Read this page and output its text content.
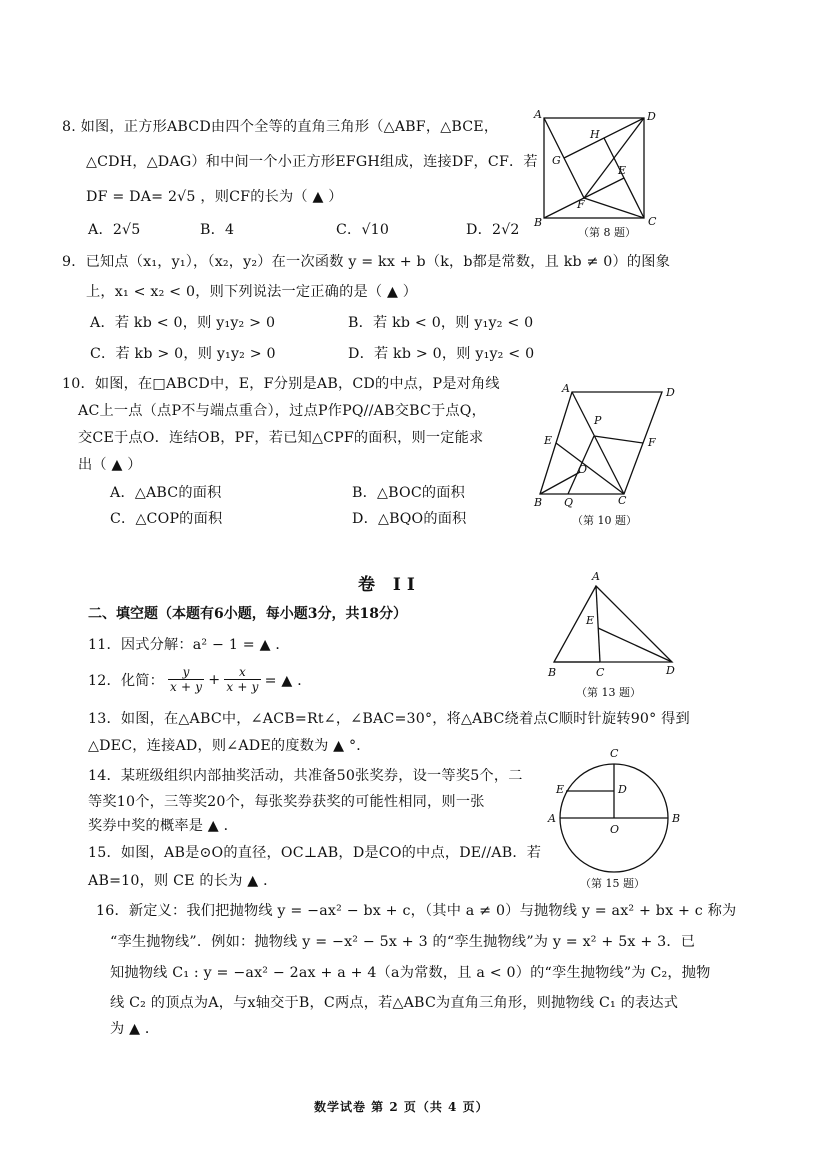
8. 如图，正方形ABCD由四个全等的直角三角形（△ABF，△BCE，
△CDH，△DAG）和中间一个小正方形EFGH组成，连接DF，CF．若
DF = DA= 2√5 ，则CF的长为（ ▲ ）
A．2√5	B．4	C．√10	D．2√2
A	D
H
G
E
F
B	C
（第 8 题）
9．已知点（x₁，y₁），（x₂，y₂）在一次函数 y = kx + b（k，b都是常数，且 kb ≠ 0）的图象
上，x₁ < x₂ < 0，则下列说法一定正确的是（ ▲ ）
A．若 kb < 0，则 y₁y₂ > 0	B．若 kb < 0，则 y₁y₂ < 0
C．若 kb > 0，则 y₁y₂ > 0	D．若 kb > 0，则 y₁y₂ < 0
10．如图，在□ABCD中，E，F分别是AB，CD的中点，P是对角线
AC上一点（点P不与端点重合），过点P作PQ//AB交BC于点Q，
交CE于点O．连结OB，PF，若已知△CPF的面积，则一定能求
出（ ▲ ）
A．△ABC的面积	B．△BOC的面积
C．△COP的面积	D．△BQO的面积
A	D
P
E	F
O
B Q	C
（第 10 题）
卷 II
二、填空题（本题有6小题，每小题3分，共18分）
11．因式分解：a² − 1 = ▲ ．
12．化简：
y
$x + y + \frac{x}{x + y}$ = ▲ ．
A
E
B	C	D
（第 13 题）
13．如图，在△ABC中，∠ACB=Rt∠，∠BAC=30°，将△ABC绕着点C顺时针旋转90° 得到
△DEC，连接AD，则∠ADE的度数为 ▲ °．
14．某班级组织内部抽奖活动，共准备50张奖券，设一等奖5个，二
等奖10个，三等奖20个，每张奖券获奖的可能性相同，则一张
奖券中奖的概率是 ▲ ．
15．如图，AB是⊙O的直径，OC⊥AB，D是CO的中点，DE//AB．若
AB=10，则 CE 的长为 ▲ ．
C
E	D
A
O
B
（第 15 题）
16．新定义：我们把抛物线 y = −ax² − bx + c，（其中 a ≠ 0）与抛物线 y = ax² + bx + c 称为
“孪生抛物线”．例如：抛物线 y = −x² − 5x + 3 的“孪生抛物线”为 y = x² + 5x + 3．已
知抛物线 C₁ : y = −ax² − 2ax + a + 4（a为常数，且 a < 0）的“孪生抛物线”为 C₂，抛物
线 C₂ 的顶点为A，与x轴交于B，C两点，若△ABC为直角三角形，则抛物线 C₁ 的表达式
为 ▲ ．
数学试卷 第 2 页（共 4 页）
